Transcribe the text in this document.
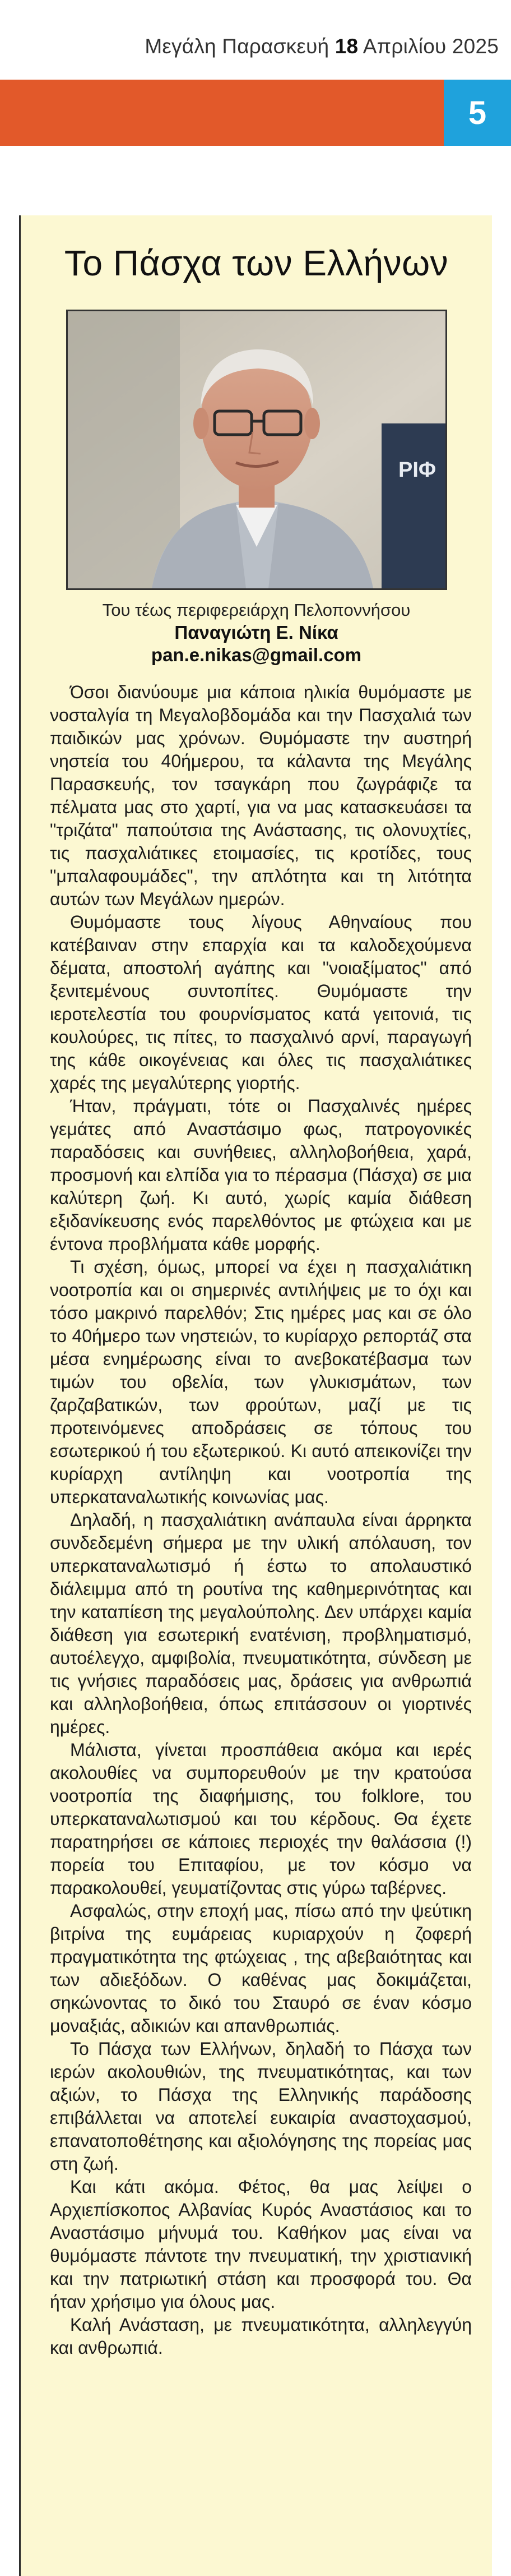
Μεγάλη Παρασκευή 18 Απριλίου 2025
5
Το Πάσχα των Ελλήνων
ΡΙΦ
Του τέως περιφερειάρχη Πελοποννήσου
Παναγιώτη Ε. Νίκα
pan.e.nikas@gmail.com

Όσοι διανύουμε μια κάποια ηλικία θυμόμαστε με νοσταλγία τη Μεγαλοβδομάδα και την Πασχαλιά των παιδικών μας χρόνων. Θυμόμαστε την αυστηρή νηστεία του 40ήμερου, τα κάλαντα της Μεγάλης Παρασκευής, τον τσαγκάρη που ζωγράφιζε τα πέλματα μας στο χαρτί, για να μας κατασκευάσει τα "τριζάτα" παπούτσια της Ανάστασης, τις ολονυχτίες, τις πασχαλιάτικες ετοιμασίες, τις κροτίδες, τους "μπαλαφουμάδες", την απλότητα και τη λιτότητα αυτών των Μεγάλων ημερών.

Θυμόμαστε τους λίγους Αθηναίους που κατέβαιναν στην επαρχία και τα καλοδεχούμενα δέματα, αποστολή αγάπης και "νοιαξίματος" από ξενιτεμένους συντοπίτες. Θυμόμαστε την ιεροτελεστία του φουρνίσματος κατά γειτονιά, τις κουλούρες, τις πίτες, το πασχαλινό αρνί, παραγωγή της κάθε οικογένειας και όλες τις πασχαλιάτικες χαρές της μεγαλύτερης γιορτής.

Ήταν, πράγματι, τότε οι Πασχαλινές ημέρες γεμάτες από Αναστάσιμο φως, πατρογονικές παραδόσεις και συνήθειες, αλληλοβοήθεια, χαρά, προσμονή και ελπίδα για το πέρασμα (Πάσχα) σε μια καλύτερη ζωή. Κι αυτό, χωρίς καμία διάθεση εξιδανίκευσης ενός παρελθόντος με φτώχεια και με έντονα προβλήματα κάθε μορφής.

Τι σχέση, όμως, μπορεί να έχει η πασχαλιάτικη νοοτροπία και οι σημερινές αντιλήψεις με το όχι και τόσο μακρινό παρελθόν; Στις ημέρες μας και σε όλο το 40ήμερο των νηστειών, το κυρίαρχο ρεπορτάζ στα μέσα ενημέρωσης είναι το ανεβοκατέβασμα των τιμών του οβελία, των γλυκισμάτων, των ζαρζαβατικών, των φρούτων, μαζί με τις προτεινόμενες αποδράσεις σε τόπους του εσωτερικού ή του εξωτερικού. Κι αυτό απεικονίζει την κυρίαρχη αντίληψη και νοοτροπία της υπερκαταναλωτικής κοινωνίας μας.

Δηλαδή, η πασχαλιάτικη ανάπαυλα είναι άρρηκτα συνδεδεμένη σήμερα με την υλική απόλαυση, τον υπερκαταναλωτισμό ή έστω το απολαυστικό διάλειμμα από τη ρουτίνα της καθημερινότητας και την καταπίεση της μεγαλούπολης. Δεν υπάρχει καμία διάθεση για εσωτερική ενατένιση, προβληματισμό, αυτοέλεγχο, αμφιβολία, πνευματικότητα, σύνδεση με τις γνήσιες παραδόσεις μας, δράσεις για ανθρωπιά και αλληλοβοήθεια, όπως επιτάσσουν οι γιορτινές ημέρες.

Μάλιστα, γίνεται προσπάθεια ακόμα και ιερές ακολουθίες να συμπορευθούν με την κρατούσα νοοτροπία της διαφήμισης, του folklore, του υπερκαταναλωτισμού και του κέρδους. Θα έχετε παρατηρήσει σε κάποιες περιοχές την θαλάσσια (!) πορεία του Επιταφίου, με τον κόσμο να παρακολουθεί, γευματίζοντας στις γύρω ταβέρνες.

Ασφαλώς, στην εποχή μας, πίσω από την ψεύτικη βιτρίνα της ευμάρειας κυριαρχούν η ζοφερή πραγματικότητα της φτώχειας , της αβεβαιότητας και των αδιεξόδων. Ο καθένας μας δοκιμάζεται, σηκώνοντας το δικό του Σταυρό σε έναν κόσμο μοναξιάς, αδικιών και απανθρωπιάς.

Το Πάσχα των Ελλήνων, δηλαδή το Πάσχα των ιερών ακολουθιών, της πνευματικότητας, και των αξιών, το Πάσχα της Ελληνικής παράδοσης επιβάλλεται να αποτελεί ευκαιρία αναστοχασμού, επανατοποθέτησης και αξιολόγησης της πορείας μας στη ζωή.

Και κάτι ακόμα. Φέτος, θα μας λείψει ο Αρχιεπίσκοπος Αλβανίας Κυρός Αναστάσιος και το Αναστάσιμο μήνυμά του. Καθήκον μας είναι να θυμόμαστε πάντοτε την πνευματική, την χριστιανική και την πατριωτική στάση και προσφορά του. Θα ήταν χρήσιμο για όλους μας.

Καλή Ανάσταση, με πνευματικότητα, αλληλεγγύη και ανθρωπιά.
